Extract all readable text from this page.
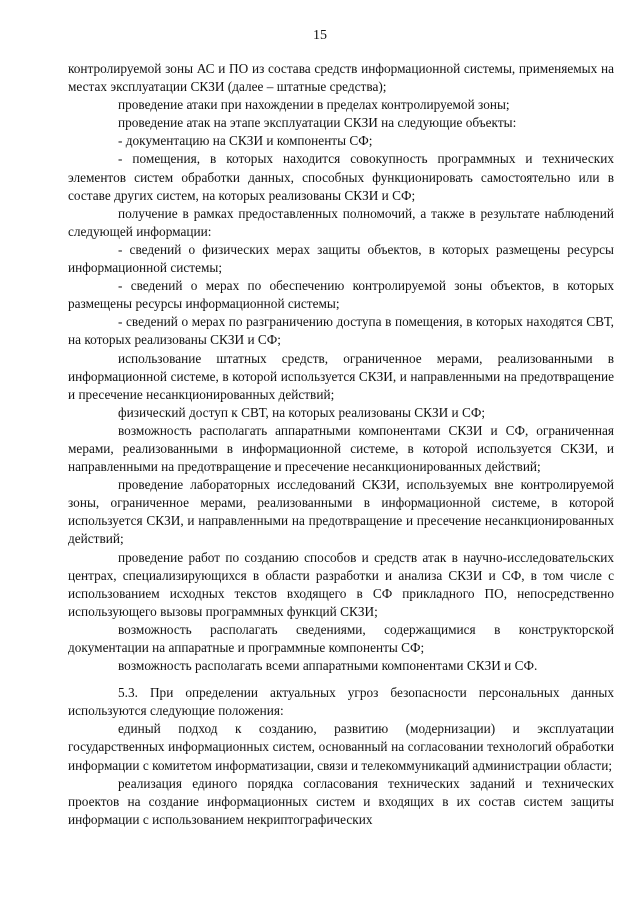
15

контролируемой зоны АС и ПО из состава средств информационной системы, применяемых на местах эксплуатации СКЗИ (далее – штатные средства);

проведение атаки при нахождении в пределах контролируемой зоны;

проведение атак на этапе эксплуатации СКЗИ на следующие объекты:

- документацию на СКЗИ и компоненты СФ;

- помещения, в которых находится совокупность программных и технических элементов систем обработки данных, способных функционировать самостоятельно или в составе других систем, на которых реализованы СКЗИ и СФ;

получение в рамках предоставленных полномочий, а также в результате наблюдений следующей информации:

- сведений о физических мерах защиты объектов, в которых размещены ресурсы информационной системы;

- сведений о мерах по обеспечению контролируемой зоны объектов, в которых размещены ресурсы информационной системы;

- сведений о мерах по разграничению доступа в помещения, в которых находятся СВТ, на которых реализованы СКЗИ и СФ;

использование штатных средств, ограниченное мерами, реализованными в информационной системе, в которой используется СКЗИ, и направленными на предотвращение и пресечение несанкционированных действий;

физический доступ к СВТ, на которых реализованы СКЗИ и СФ;

возможность располагать аппаратными компонентами СКЗИ и СФ, ограниченная мерами, реализованными в информационной системе, в которой используется СКЗИ, и направленными на предотвращение и пресечение несанкционированных действий;

проведение лабораторных исследований СКЗИ, используемых вне контролируемой зоны, ограниченное мерами, реализованными в информационной системе, в которой используется СКЗИ, и направленными на предотвращение и пресечение несанкционированных действий;

проведение работ по созданию способов и средств атак в научно-исследовательских центрах, специализирующихся в области разработки и анализа СКЗИ и СФ, в том числе с использованием исходных текстов входящего в СФ прикладного ПО, непосредственно использующего вызовы программных функций СКЗИ;

возможность располагать сведениями, содержащимися в конструкторской документации на аппаратные и программные компоненты СФ;

возможность располагать всеми аппаратными компонентами СКЗИ и СФ.

5.3. При определении актуальных угроз безопасности персональных данных используются следующие положения:

единый подход к созданию, развитию (модернизации) и эксплуатации государственных информационных систем, основанный на согласовании технологий обработки информации с комитетом информатизации, связи и телекоммуникаций администрации области;

реализация единого порядка согласования технических заданий и технических проектов на создание информационных систем и входящих в их состав систем защиты информации с использованием некриптографических
